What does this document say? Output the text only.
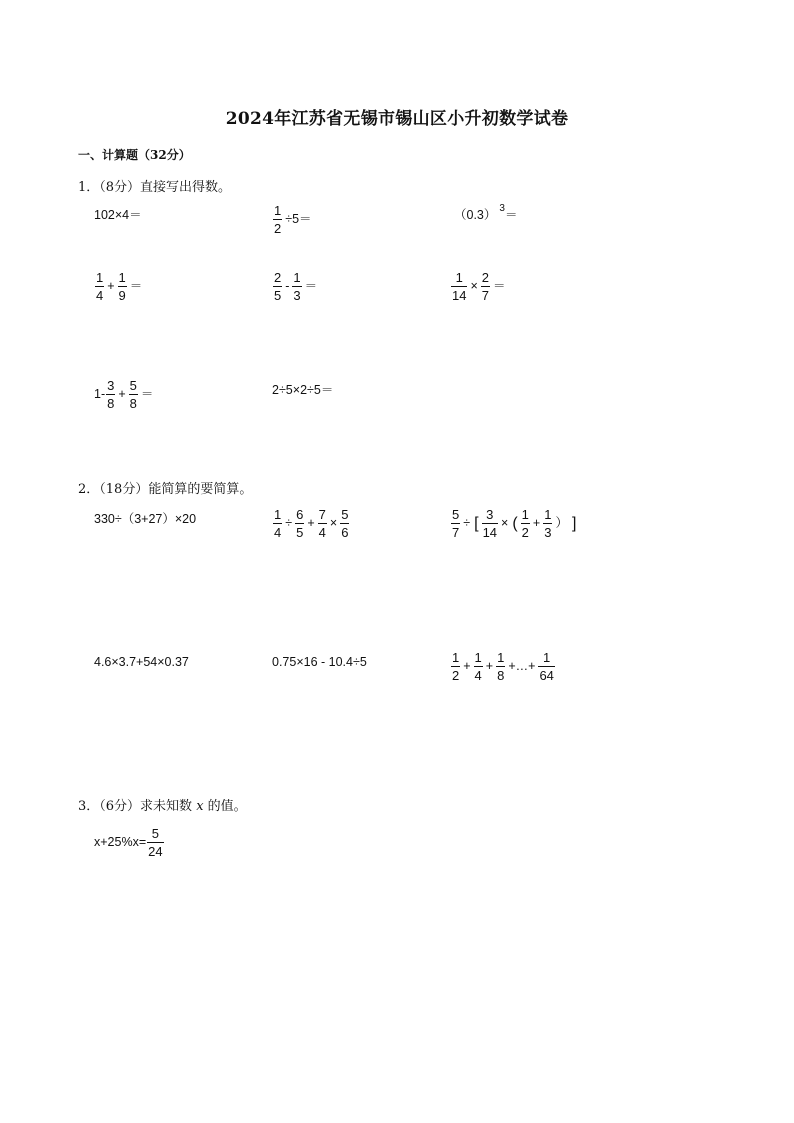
2024年江苏省无锡市锡山区小升初数学试卷
一、计算题（32分）
1．（8分）直接写出得数。
102×4＝	$\frac{1}{2} \div 5=$	（0.3） 3 ＝
$\frac{1}{4} + \frac{1}{9}$ ＝	$\frac{2}{5} - \frac{1}{3}$ ＝	$\frac{1}{14} \times \frac{2}{7}$ ＝
$1- \frac{3}{8} + \frac{5}{8}$ ＝	2÷5×2÷5＝
2．（18分）能简算的要简算。
330÷（3+27）×20	$\frac{1}{4} \div \frac{6}{5} + \frac{7}{4} \times \frac{5}{6}$	$\frac{5}{7}$ ÷ [ $\frac{3}{14}$ × ( $\frac{1}{2} + \frac{1}{3}$ ） ]
4.6×3.7+54×0.37	0.75×16 - 10.4÷5	$\frac{1}{2} + \frac{1}{4} + \frac{1}{8}$ +…+ $\frac{1}{64}$
3．（6分）求未知数 x 的值。
$x+25\%x= \frac{5}{24}$
